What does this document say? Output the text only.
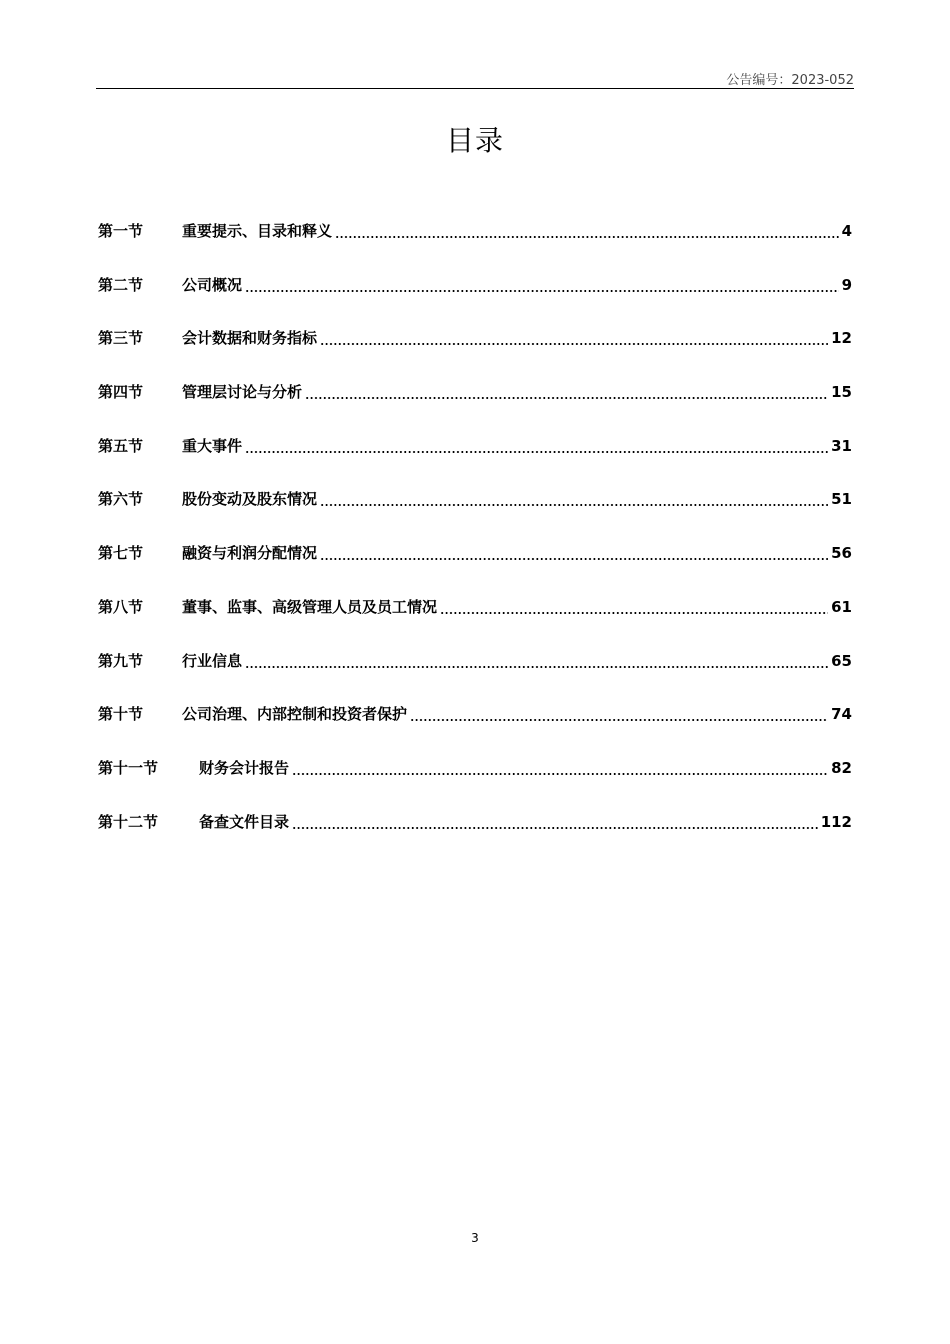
公告编号：2023-052
目录
第一节	重要提示、目录和释义	4
第二节	公司概况	9
第三节	会计数据和财务指标	12
第四节	管理层讨论与分析	15
第五节	重大事件	31
第六节	股份变动及股东情况	51
第七节	融资与利润分配情况	56
第八节	董事、监事、高级管理人员及员工情况	61
第九节	行业信息	65
第十节	公司治理、内部控制和投资者保护	74
第十一节	财务会计报告	82
第十二节	备查文件目录	112
3
